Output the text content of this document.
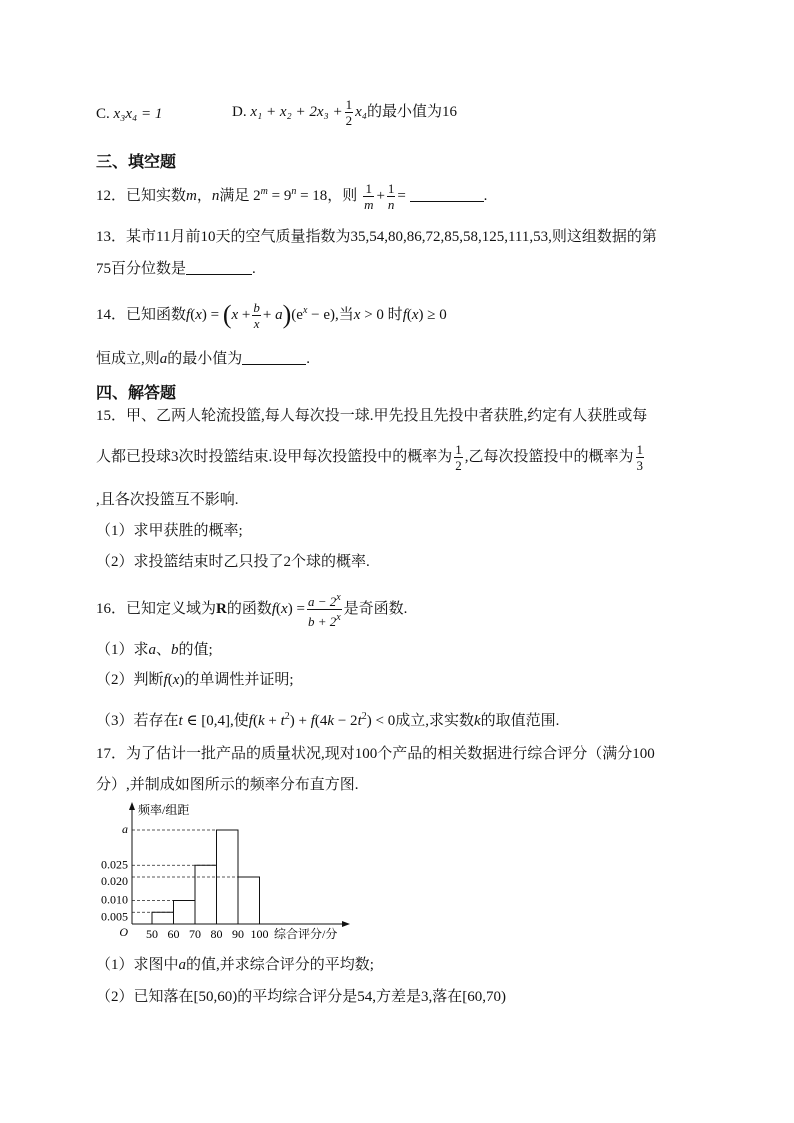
C. x₃x₄ = 1	D. $x_1 + x_2 + 2x_3 + \frac{1}{2} x_4$的最小值为16
三、填空题
12．已知实数m，n满足 $2^m = 9^n = 18$，则 $\frac{1}{m} + \frac{1}{n}$ =	.
13．某市11月前10天的空气质量指数为35,54,80,86,72,85,58,125,111,53,则这组数据的第
75百分位数是	.
14．已知函数$f(x) = (x + \frac{b}{x} + a)(e^x - e)$,当x > 0 时f(x) ≥ 0
恒成立,则a的最小值为	.
四、解答题
15．甲、乙两人轮流投篮,每人每次投一球.甲先投且先投中者获胜,约定有人获胜或每
人都已投球3次时投篮结束.设甲每次投篮投中的概率为 $\frac{1}{2}$ ,乙每次投篮投中的概率为 $\frac{1}{3}$
,且各次投篮互不影响.
（1）求甲获胜的概率;
（2）求投篮结束时乙只投了2个球的概率.
16．已知定义域为R的函数$f(x) = \frac{a - 2^x}{b + 2^x}$ 是奇函数.
（1）求a、b的值;
（2）判断f(x)的单调性并证明;
（3）若存在t ∈ [0,4],使$f(k + t^2) + f(4k - 2t^2) < 0$成立,求实数k的取值范围.
17．为了估计一批产品的质量状况,现对100个产品的相关数据进行综合评分（满分100
分）,并制成如图所示的频率分布直方图.
50 60 70 80 90 100
0.005
0.010
0.020
0.025
a
O
频率/组距
综合评分/分
（1）求图中a的值,并求综合评分的平均数;
（2）已知落在[50,60)的平均综合评分是54,方差是3,落在[60,70)
